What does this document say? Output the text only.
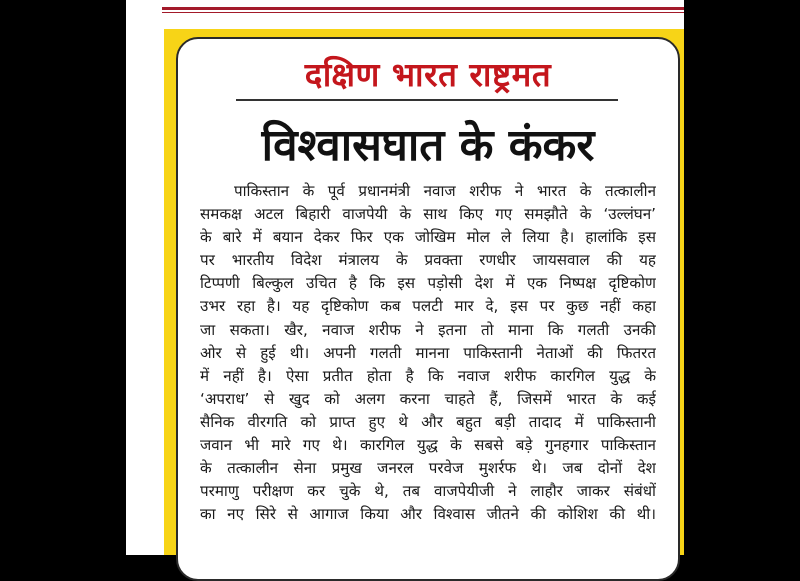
दक्षिण भारत राष्ट्रमत
विश्वासघात के कंकर
पाकिस्तान के पूर्व प्रधानमंत्री नवाज शरीफ ने भारत के तत्कालीन
समकक्ष अटल बिहारी वाजपेयी के साथ किए गए समझौते के ‘उल्लंघन’
के बारे में बयान देकर फिर एक जोखिम मोल ले लिया है। हालांकि इस
पर भारतीय विदेश मंत्रालय के प्रवक्ता रणधीर जायसवाल की यह
टिप्पणी बिल्कुल उचित है कि इस पड़ोसी देश में एक निष्पक्ष दृष्टिकोण
उभर रहा है। यह दृष्टिकोण कब पलटी मार दे, इस पर कुछ नहीं कहा
जा सकता। खैर, नवाज शरीफ ने इतना तो माना कि गलती उनकी
ओर से हुई थी। अपनी गलती मानना पाकिस्तानी नेताओं की फितरत
में नहीं है। ऐसा प्रतीत होता है कि नवाज शरीफ कारगिल युद्ध के
‘अपराध’ से खुद को अलग करना चाहते हैं, जिसमें भारत के कई
सैनिक वीरगति को प्राप्त हुए थे और बहुत बड़ी तादाद में पाकिस्तानी
जवान भी मारे गए थे। कारगिल युद्ध के सबसे बड़े गुनहगार पाकिस्तान
के तत्कालीन सेना प्रमुख जनरल परवेज मुशर्रफ थे। जब दोनों देश
परमाणु परीक्षण कर चुके थे, तब वाजपेयीजी ने लाहौर जाकर संबंधों
का नए सिरे से आगाज किया और विश्वास जीतने की कोशिश की थी।
